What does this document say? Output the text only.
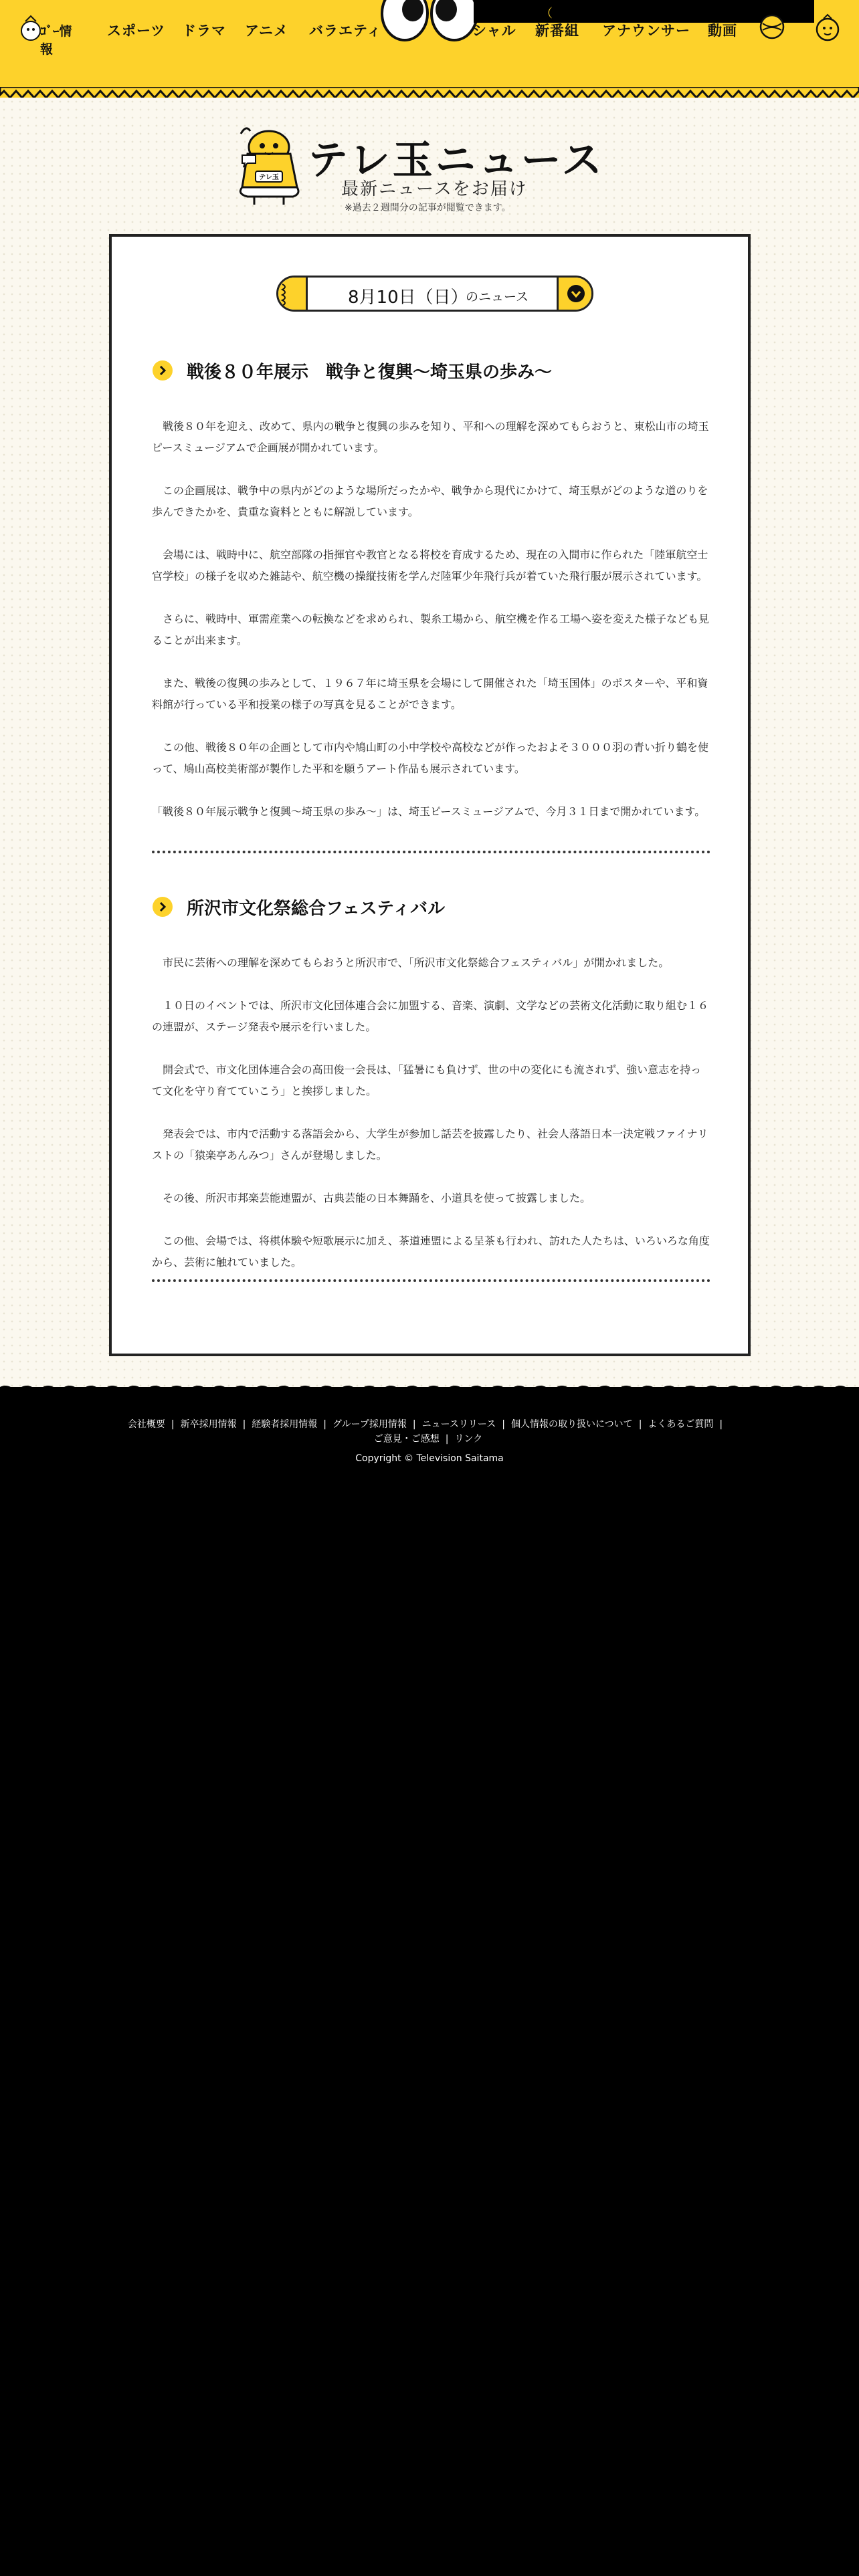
ｺﾞｰ情報
スポーツ ドラマ アニメ バラエティ
（
シャル 新番組 アナウンサー 動画
テレ玉 テレ玉ニュース
最新ニュースをお届け
※過去２週間分の記事が閲覧できます。
8月10日（日）
のニュース
戦後８０年展示　戦争と復興～埼玉県の歩み～

　戦後８０年を迎え、改めて、県内の戦争と復興の歩みを知り、平和への理解を深めてもらおうと、東松山市の埼玉ピースミュージアムで企画展が開かれています。

　この企画展は、戦争中の県内がどのような場所だったかや、戦争から現代にかけて、埼玉県がどのような道のりを歩んできたかを、貴重な資料とともに解説しています。

　会場には、戦時中に、航空部隊の指揮官や教官となる将校を育成するため、現在の入間市に作られた「陸軍航空士官学校」の様子を収めた雑誌や、航空機の操縦技術を学んだ陸軍少年飛行兵が着ていた飛行服が展示されています。

　さらに、戦時中、軍需産業への転換などを求められ、製糸工場から、航空機を作る工場へ姿を変えた様子なども見ることが出来ます。

　また、戦後の復興の歩みとして、１９６７年に埼玉県を会場にして開催された「埼玉国体」のポスターや、平和資料館が行っている平和授業の様子の写真を見ることができます。

　この他、戦後８０年の企画として市内や鳩山町の小中学校や高校などが作ったおよそ３０００羽の青い折り鶴を使って、鳩山高校美術部が製作した平和を願うアート作品も展示されています。

「戦後８０年展示戦争と復興～埼玉県の歩み～」は、埼玉ピースミュージアムで、今月３１日まで開かれています。

所沢市文化祭総合フェスティバル

　市民に芸術への理解を深めてもらおうと所沢市で、「所沢市文化祭総合フェスティバル」が開かれました。

　１０日のイベントでは、所沢市文化団体連合会に加盟する、音楽、演劇、文学などの芸術文化活動に取り組む１６の連盟が、ステージ発表や展示を行いました。

　開会式で、市文化団体連合会の高田俊一会長は、「猛暑にも負けず、世の中の変化にも流されず、強い意志を持って文化を守り育てていこう」と挨拶しました。

　発表会では、市内で活動する落語会から、大学生が参加し話芸を披露したり、社会人落語日本一決定戦ファイナリストの「猿楽亭あんみつ」さんが登場しました。

　その後、所沢市邦楽芸能連盟が、古典芸能の日本舞踊を、小道具を使って披露しました。

　この他、会場では、将棋体験や短歌展示に加え、茶道連盟による呈茶も行われ、訪れた人たちは、いろいろな角度から、芸術に触れていました。

会社概要 | 新卒採用情報 | 経験者採用情報 | グループ採用情報 | ニュースリリース | 個人情報の取り扱いについて | よくあるご質問 |
ご意見・ご感想 | リンク
Copyright © Television Saitama
